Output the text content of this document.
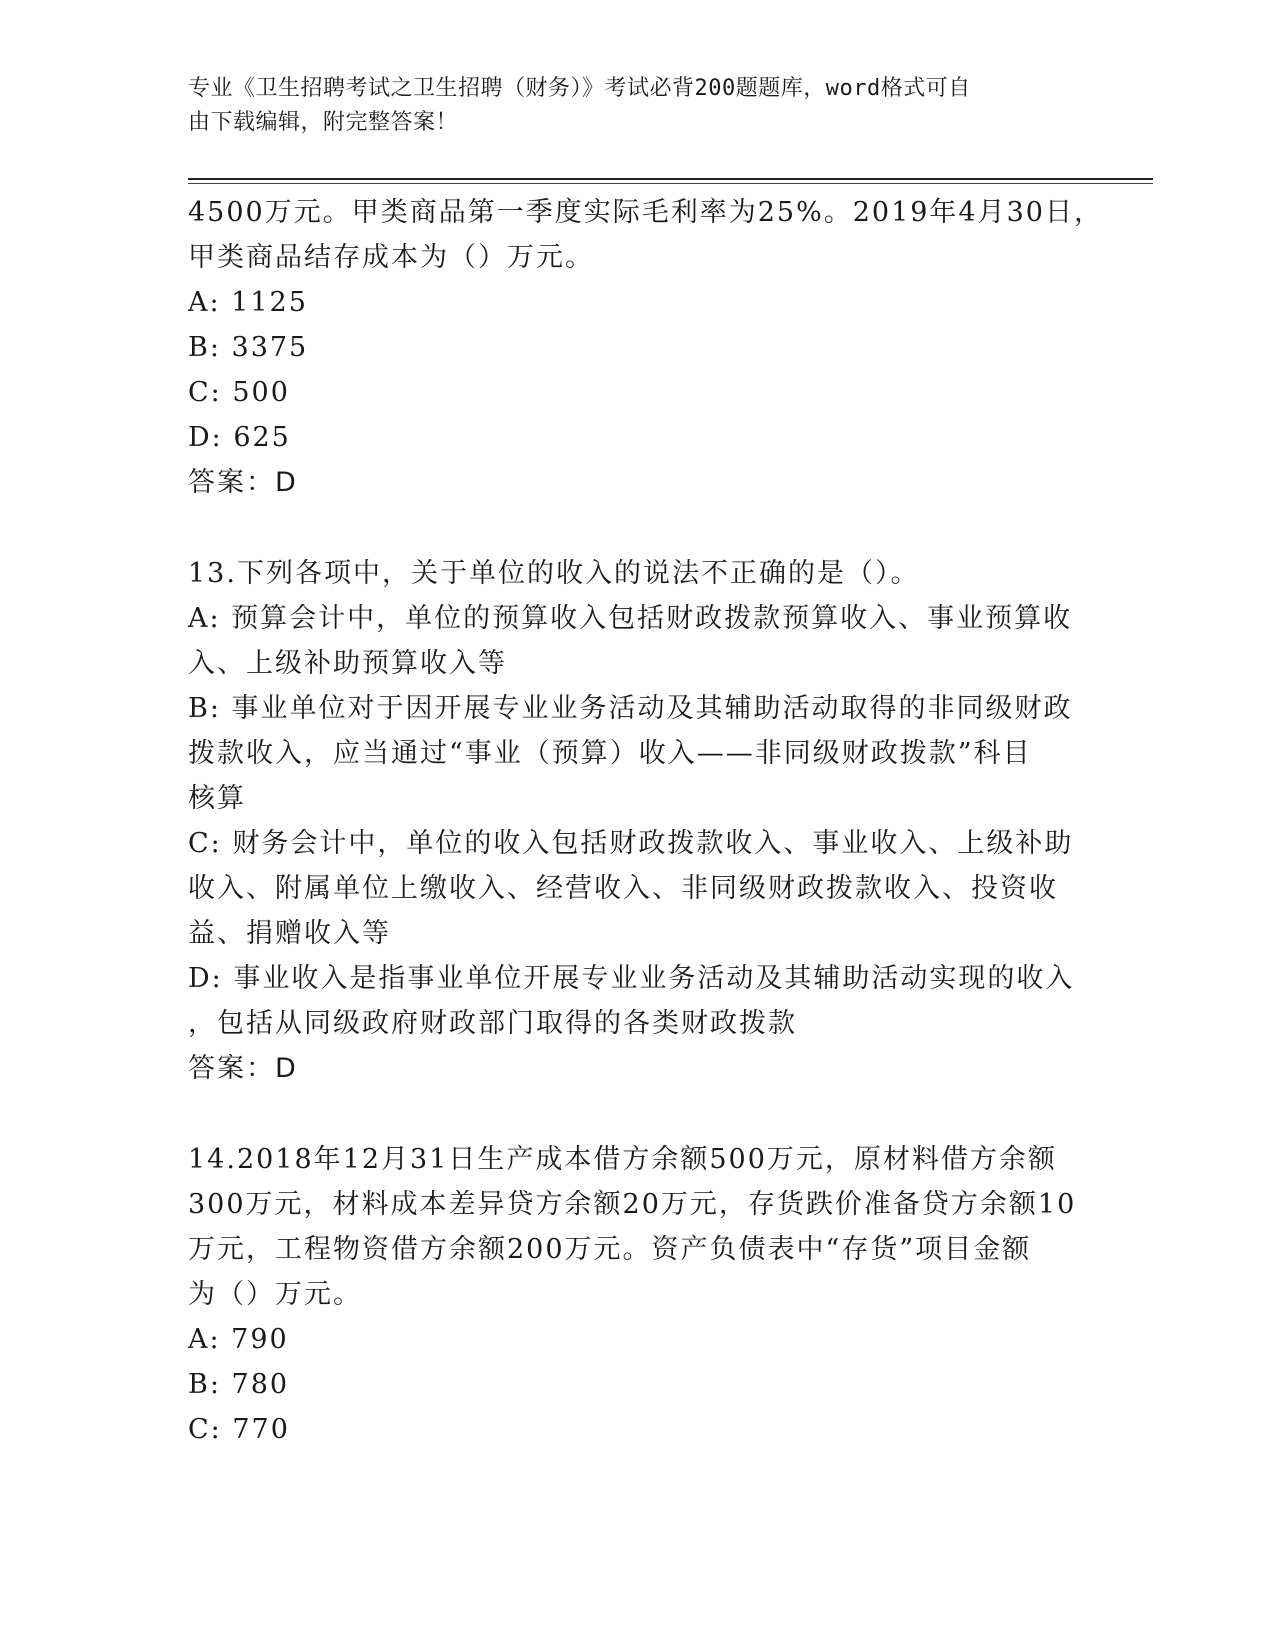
专业《卫生招聘考试之卫生招聘（财务）》考试必背200题题库，word格式可自
由下载编辑，附完整答案！
4500万元。甲类商品第一季度实际毛利率为25%。2019年4月30日，
甲类商品结存成本为（）万元。
A: 1125
B: 3375
C: 500
D: 625
答案：D
13.下列各项中，关于单位的收入的说法不正确的是（）。
A: 预算会计中，单位的预算收入包括财政拨款预算收入、事业预算收
入、上级补助预算收入等
B: 事业单位对于因开展专业业务活动及其辅助活动取得的非同级财政
拨款收入，应当通过“事业（预算）收入——非同级财政拨款”科目
核算
C: 财务会计中，单位的收入包括财政拨款收入、事业收入、上级补助
收入、附属单位上缴收入、经营收入、非同级财政拨款收入、投资收
益、捐赠收入等
D: 事业收入是指事业单位开展专业业务活动及其辅助活动实现的收入
，包括从同级政府财政部门取得的各类财政拨款
答案：D
14.2018年12月31日生产成本借方余额500万元，原材料借方余额
300万元，材料成本差异贷方余额20万元，存货跌价准备贷方余额10
万元，工程物资借方余额200万元。资产负债表中“存货”项目金额
为（）万元。
A: 790
B: 780
C: 770
